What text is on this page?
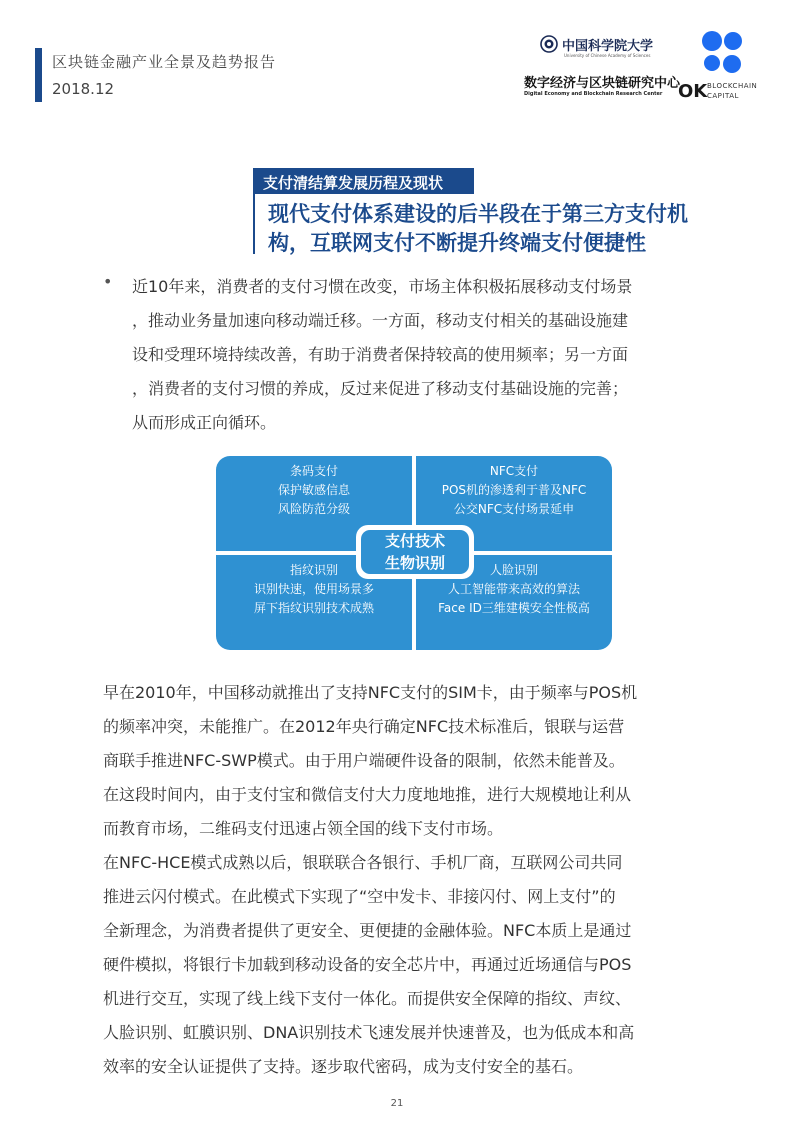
区块链金融产业全景及趋势报告
2018.12
中国科学院大学
University of Chinese Academy of Sciences
数字经济与区块链研究中心
Digital Economy and Blockchain Research Center OK BLOCKCHAIN
CAPITAL
支付清结算发展历程及现状
现代支付体系建设的后半段在于第三方支付机
构，互联网支付不断提升终端支付便捷性
• 近10年来，消费者的支付习惯在改变，市场主体积极拓展移动支付场景
，推动业务量加速向移动端迁移。一方面，移动支付相关的基础设施建
设和受理环境持续改善，有助于消费者保持较高的使用频率；另一方面
，消费者的支付习惯的养成，反过来促进了移动支付基础设施的完善；
从而形成正向循环。
条码支付
保护敏感信息
风险防范分级
NFC支付
POS机的渗透利于普及NFC
公交NFC支付场景延申
指纹识别
识别快速，使用场景多
屏下指纹识别技术成熟
人脸识别
人工智能带来高效的算法
Face ID三维建模安全性极高
支付技术
生物识别
早在2010年，中国移动就推出了支持NFC支付的SIM卡，由于频率与POS机
的频率冲突，未能推广。在2012年央行确定NFC技术标准后，银联与运营
商联手推进NFC-SWP模式。由于用户端硬件设备的限制，依然未能普及。
在这段时间内，由于支付宝和微信支付大力度地地推，进行大规模地让利从
而教育市场，二维码支付迅速占领全国的线下支付市场。
在NFC-HCE模式成熟以后，银联联合各银行、手机厂商，互联网公司共同
推进云闪付模式。在此模式下实现了“空中发卡、非接闪付、网上支付”的
全新理念，为消费者提供了更安全、更便捷的金融体验。NFC本质上是通过
硬件模拟，将银行卡加载到移动设备的安全芯片中，再通过近场通信与POS
机进行交互，实现了线上线下支付一体化。而提供安全保障的指纹、声纹、
人脸识别、虹膜识别、DNA识别技术飞速发展并快速普及，也为低成本和高
效率的安全认证提供了支持。逐步取代密码，成为支付安全的基石。
21
